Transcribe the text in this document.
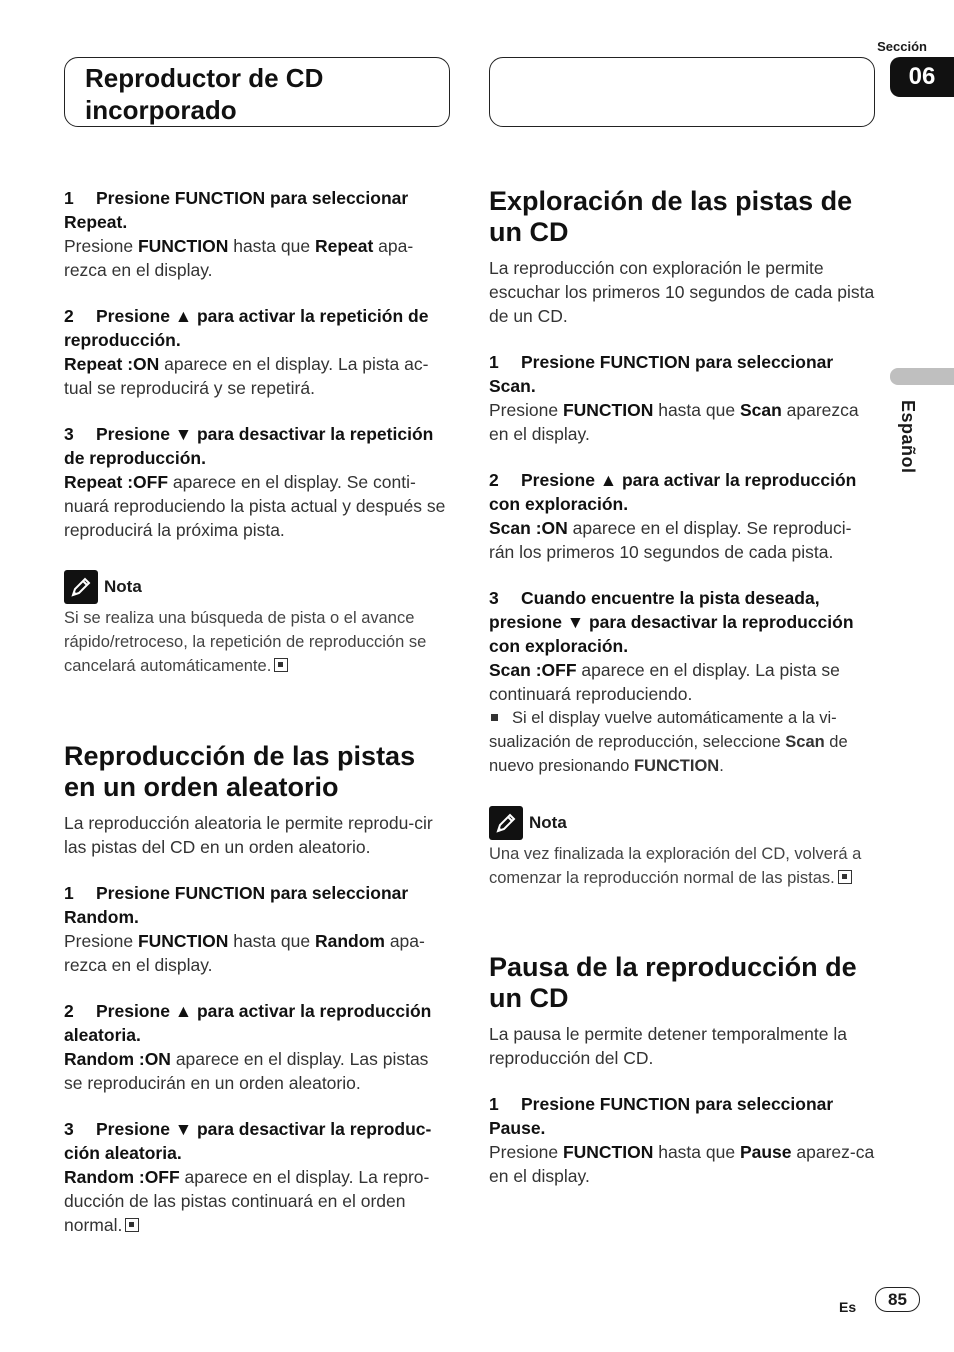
Reproductor de CD incorporado
Sección
06
Español

1 Presione FUNCTION para seleccionar Repeat.

Presione FUNCTION hasta que Repeat apa-rezca en el display.

2 Presione ▲ para activar la repetición de reproducción.

Repeat :ON aparece en el display. La pista ac-tual se reproducirá y se repetirá.

3 Presione ▼ para desactivar la repetición de reproducción.

Repeat :OFF aparece en el display. Se conti-nuará reproduciendo la pista actual y después se reproducirá la próxima pista.

Nota

Si se realiza una búsqueda de pista o el avance rápido/retroceso, la repetición de reproducción se cancelará automáticamente.

Reproducción de las pistas en un orden aleatorio

La reproducción aleatoria le permite reprodu-cir las pistas del CD en un orden aleatorio.

1 Presione FUNCTION para seleccionar Random.

Presione FUNCTION hasta que Random apa-rezca en el display.

2 Presione ▲ para activar la reproducción aleatoria.

Random :ON aparece en el display. Las pistas se reproducirán en un orden aleatorio.

3 Presione ▼ para desactivar la reproduc-ción aleatoria.

Random :OFF aparece en el display. La repro-ducción de las pistas continuará en el orden normal.

Exploración de las pistas de un CD

La reproducción con exploración le permite escuchar los primeros 10 segundos de cada pista de un CD.

1 Presione FUNCTION para seleccionar Scan.

Presione FUNCTION hasta que Scan aparezca en el display.

2 Presione ▲ para activar la reproducción con exploración.

Scan :ON aparece en el display. Se reproduci-rán los primeros 10 segundos de cada pista.

3 Cuando encuentre la pista deseada, presione ▼ para desactivar la reproducción con exploración.

Scan :OFF aparece en el display. La pista se continuará reproduciendo.

Si el display vuelve automáticamente a la vi-sualización de reproducción, seleccione Scan de nuevo presionando FUNCTION.

Nota

Una vez finalizada la exploración del CD, volverá a comenzar la reproducción normal de las pistas.

Pausa de la reproducción de un CD

La pausa le permite detener temporalmente la reproducción del CD.

1 Presione FUNCTION para seleccionar Pause.

Presione FUNCTION hasta que Pause aparez-ca en el display.

Es	85
